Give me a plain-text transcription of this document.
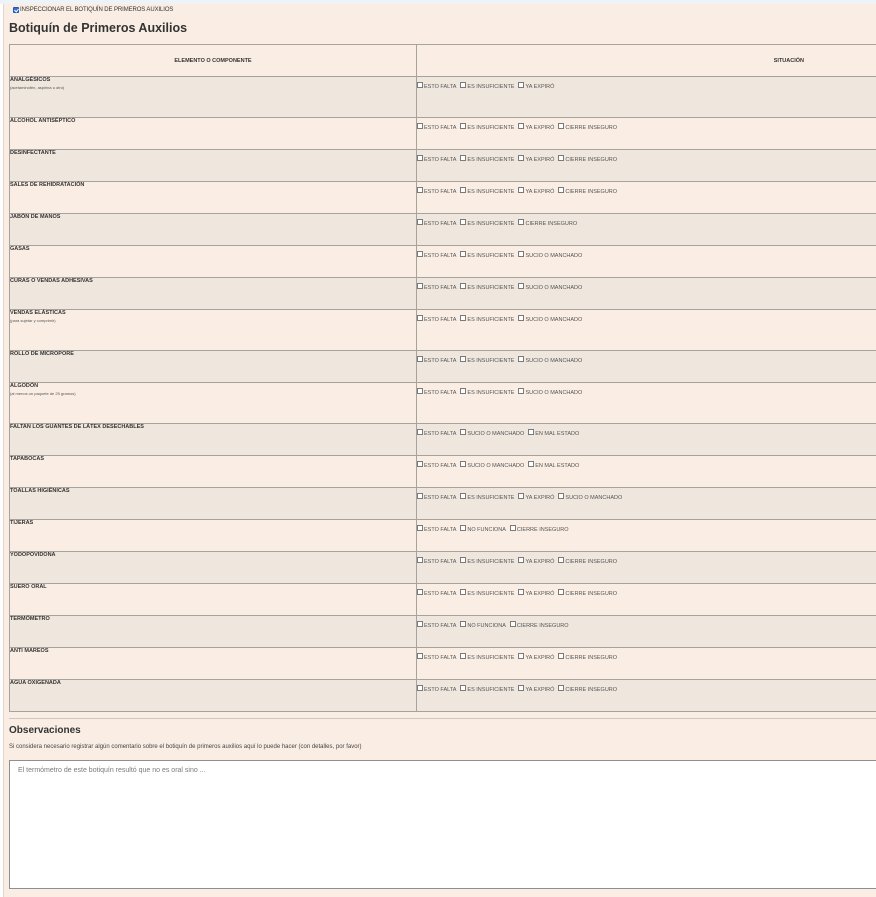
INSPECCIONAR EL BOTIQUÍN DE PRIMEROS AUXILIOS
Botiquín de Primeros Auxilios
ELEMENTO O COMPONENTE	SITUACIÓN

ANALGÉSICOS
(acetaminofén, aspirina u otro)	ESTO FALTA ES INSUFICIENTE YA EXPIRÓ

ALCOHOL ANTISÉPTICO	ESTO FALTA ES INSUFICIENTE YA EXPIRÓ CIERRE INSEGURO

DESINFECTANTE	ESTO FALTA ES INSUFICIENTE YA EXPIRÓ CIERRE INSEGURO

SALES DE REHIDRATACIÓN	ESTO FALTA ES INSUFICIENTE YA EXPIRÓ CIERRE INSEGURO

JABÓN DE MANOS	ESTO FALTA ES INSUFICIENTE CIERRE INSEGURO

GASAS	ESTO FALTA ES INSUFICIENTE SUCIO O MANCHADO

CURAS O VENDAS ADHESIVAS	ESTO FALTA ES INSUFICIENTE SUCIO O MANCHADO

VENDAS ELÁSTICAS
(para sujetar y comprimir)	ESTO FALTA ES INSUFICIENTE SUCIO O MANCHADO

ROLLO DE MICROPORE	ESTO FALTA ES INSUFICIENTE SUCIO O MANCHADO

ALGODÓN
(al menos un paquete de 25 gramos)	ESTO FALTA ES INSUFICIENTE SUCIO O MANCHADO

FALTAN LOS GUANTES DE LÁTEX DESECHABLES	ESTO FALTA SUCIO O MANCHADO EN MAL ESTADO

TAPABOCAS	ESTO FALTA SUCIO O MANCHADO EN MAL ESTADO

TOALLAS HIGIÉNICAS	ESTO FALTA ES INSUFICIENTE YA EXPIRÓ SUCIO O MANCHADO

TIJERAS	ESTO FALTA NO FUNCIONA CIERRE INSEGURO

YODOPOVIDONA	ESTO FALTA ES INSUFICIENTE YA EXPIRÓ CIERRE INSEGURO

SUERO ORAL	ESTO FALTA ES INSUFICIENTE YA EXPIRÓ CIERRE INSEGURO

TERMÓMETRO	ESTO FALTA NO FUNCIONA CIERRE INSEGURO

ANTI MAREOS	ESTO FALTA ES INSUFICIENTE YA EXPIRÓ CIERRE INSEGURO

AGUA OXIGENADA	ESTO FALTA ES INSUFICIENTE YA EXPIRÓ CIERRE INSEGURO
Observaciones
Si considera necesario registrar algún comentario sobre el botiquín de primeros auxilios aquí lo puede hacer (con detalles, por favor)
El termómetro de este botiquín resultó que no es oral sino ...
